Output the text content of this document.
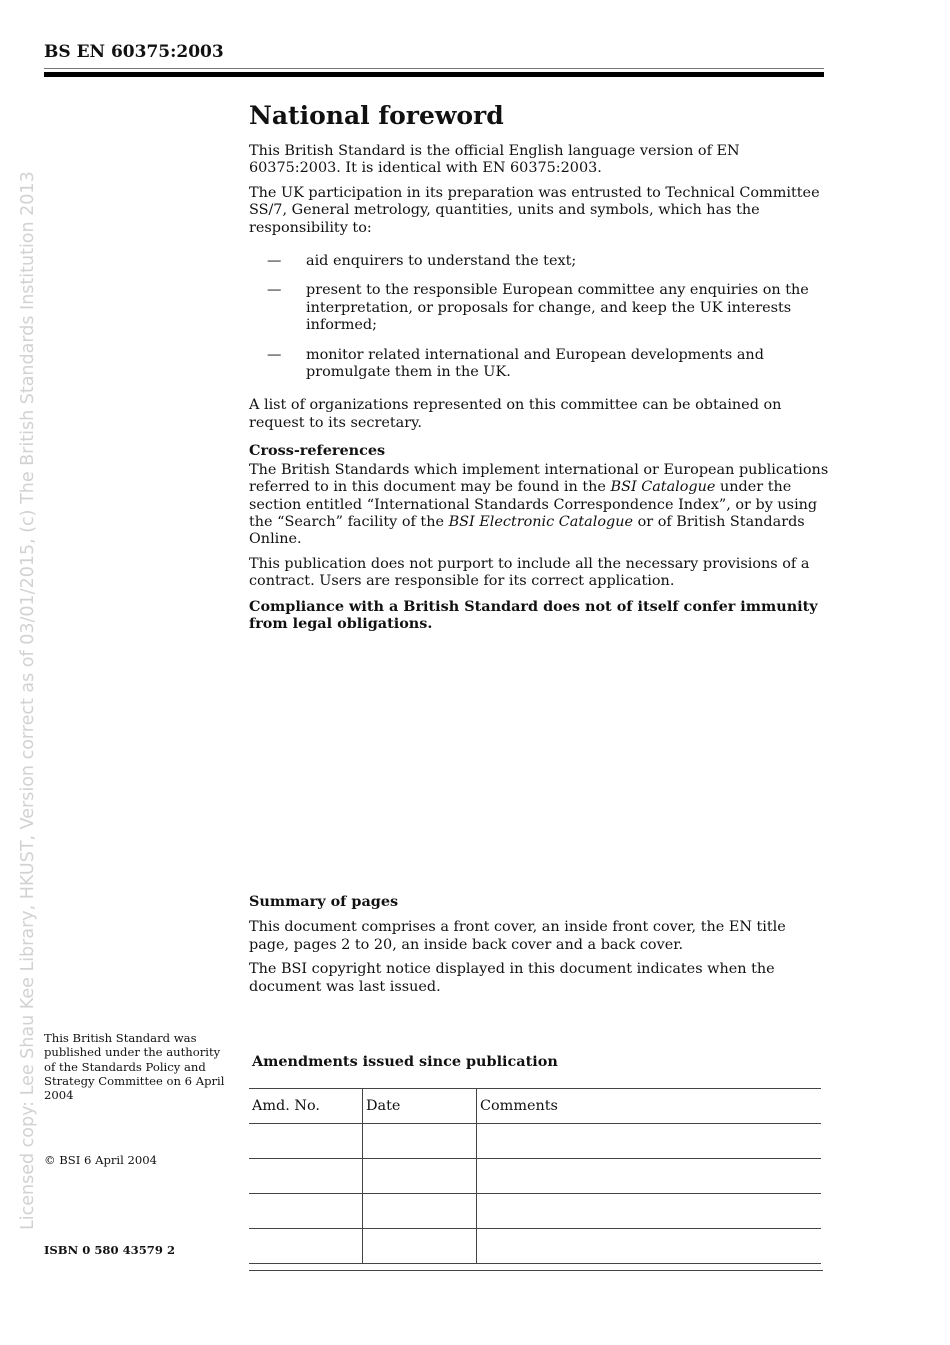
BS EN 60375:2003
Licensed copy: Lee Shau Kee Library, HKUST, Version correct as of 03/01/2015, (c) The British Standards Institution 2013
National foreword

This British Standard is the official English language version of EN 60375:2003. It is identical with EN 60375:2003.

The UK participation in its preparation was entrusted to Technical Committee SS/7, General metrology, quantities, units and symbols, which has the responsibility to:

—	aid enquirers to understand the text;
—	present to the responsible European committee any enquiries on the interpretation, or proposals for change, and keep the UK interests informed;
—	monitor related international and European developments and promulgate them in the UK.

A list of organizations represented on this committee can be obtained on request to its secretary.

Cross-references

The British Standards which implement international or European publications referred to in this document may be found in the BSI Catalogue under the section entitled “International Standards Correspondence Index”, or by using the “Search” facility of the BSI Electronic Catalogue or of British Standards Online.

This publication does not purport to include all the necessary provisions of a contract. Users are responsible for its correct application.

Compliance with a British Standard does not of itself confer immunity from legal obligations.

Summary of pages

This document comprises a front cover, an inside front cover, the EN title page, pages 2 to 20, an inside back cover and a back cover.

The BSI copyright notice displayed in this document indicates when the document was last issued.

This British Standard was published under the authority of the Standards Policy and Strategy Committee on 6 April 2004
© BSI 6 April 2004
ISBN 0 580 43579 2
Amendments issued since publication
Amd. No.	Date	Comments
